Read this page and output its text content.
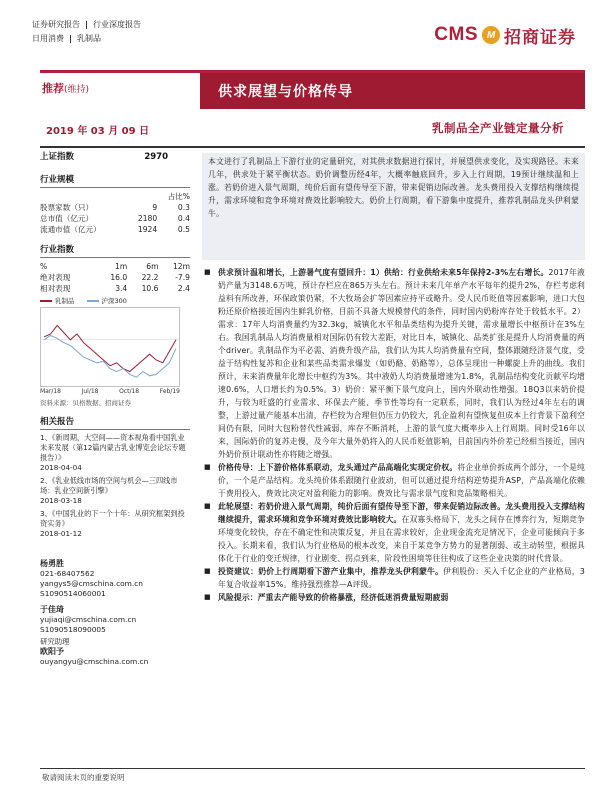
证券研究报告 行业深度报告
日用消费 乳制品	CMS M 招商证券
推荐(维持)	供求展望与价格传导
2019 年 03 月 09 日	乳制品全产业链定量分析
上证指数	2970
行业规模
		占比%
股票家数（只）	9	0.3
总市值（亿元）	2180	0.4
流通市值（亿元）	1924	0.5
行业指数
%	1m	6m	12m
绝对表现	16.0	22.2	-7.9
相对表现	3.4	10.6	2.4
乳制品	沪深300
Mar/18	Jul/18	Oct/18	Feb/19
资料来源：贝格数据、招商证券
相关报告
1、《新周期，大空间——资本视角看中国乳业未来发展（第12篇内蒙古乳业博览会论坛专题报告）》
2018-04-04
2、《乳业低线市场的空间与机会—三四线市场：乳业空间新引擎》
2018-03-18
3、《中国乳业的下一个十年：从研究框架到投资实务》
2018-01-12
杨勇胜
021-68407562
yangys5@cmschina.com.cn
S1090514060001
于佳琦
yujiaqi@cmschina.com.cn
S1090518090005
研究助理
欧阳予
ouyangyu@cmschina.com.cn
本文进行了乳制品上下游行业的定量研究，对其供求数据进行探讨，并展望供求变化，及实现路径。未来几年，供求处于紧平衡状态。奶价调整历经4年，大概率触底回升，步入上行周期，19预计继续温和上涨。若奶价进入景气周期，纯价后面有望传导至下游，带来促销边际改善。龙头费用投入支撑结构继续提升，需求环境和竞争环境对费效比影响较大。奶价上行周期，看下游集中度提升，推荐乳制品龙头伊利蒙牛。
■ 供求预计温和增长，上游暑气度有望回升：1）供给：行业供给未来5年保持2-3%左右增长。2017年液奶产量为3148.6万吨，预计存栏应在865万头左右。预计未来几年单产水平每年约提升2%，存栏考虑利益料有所改善，环保政策仍紧，不大牧场会扩等因素应持平或略升。受人民币贬值等因素影响，进口大包粉还原价格接近国内生鲜乳价格，目前不具备大规模替代的条件，同时国内奶粉库存处于较低水平。2）需求：17年人均消费量约为32.3kg，城镇化水平和品类结构为提升关键，需求量增长中枢预计在3%左右。我国乳制品人均消费量相对国际仍有较大差距，对比日本，城镇化、品类扩张是提升人均消费量的两个driver。乳制品作为平必需、消费升级产品，我们认为其人均消费量有空间，整体跟随经济景气度，受益于结构性复苏和企业和某些品类需求爆发（如奶酪、奶酪等），总体呈现出一种螺旋上升的曲线。我们预计，未来消费量年化增长中枢约为3%。其中液奶人均消费量增速为1.8%，乳制品结构变化贡献平均增速0.6%，人口增长约为0.5%。3）奶价：紧平衡下景气度向上，国内外联动性增强。18Q3以来奶价提升，与较为旺盛的行业需求、环保去产能、季节性等均有一定联系，同时，我们认为经过4年左右的调整，上游过量产能基本出清，存栏较为合理但仍压力仍较大，乳企盈利有望恢复但成本上行背景下盈利空间仍有限，同时大包粉替代性减弱，库存不断消耗，上游的景气度大概率步入上行周期。同时受16年以来，国际奶价的复苏走慢，及今年大量外奶将入的人民币贬值影响，目前国内外价差已经相当接近，国内外奶价预计联动性亦将随之增强。
■ 价格传导：上下游价格体系联动，龙头通过产品高端化实现定价权。将企业单价拆成两个部分，一个是纯价，一个是产品结构。龙头纯价体系跟随行业波动，但可以通过提升结构逆势提升ASP，产品高端化依赖于费用投入，费效比决定对盈利能力的影响。费效比与需求景气度和竞品策略相关。
■ 此轮展望：若奶价进入景气周期，纯价后面有望传导至下游，带来促销边际改善。龙头费用投入支撑结构继续提升，需求环境和竞争环境对费效比影响较大。在双寡头格局下，龙头之间存在博弈行为，短期竞争环境变化较快，存在不确定性和决策反复，并且在需求较好，企业现金流充足情况下，企业可能倾向于多投入。长期来看，我们认为行业格局的根本改变，来自于某竞争方势力的显著削弱、或主动转型，根据具体化于行业的变迁规律，行业剧变、拐点到来，阶段性困境等往往构成了这些企业决策的时代背景。
■ 投资建议：奶价上行周期看下游产业集中，推荐龙头伊利蒙牛。伊利股份：买入千亿企业的产业格局，3年复合收益率15%。维持强烈推荐—A评级。
■ 风险提示：严重去产能导致的价格暴涨，经济低迷消费量短期疲弱
敬请阅读末页的重要说明
